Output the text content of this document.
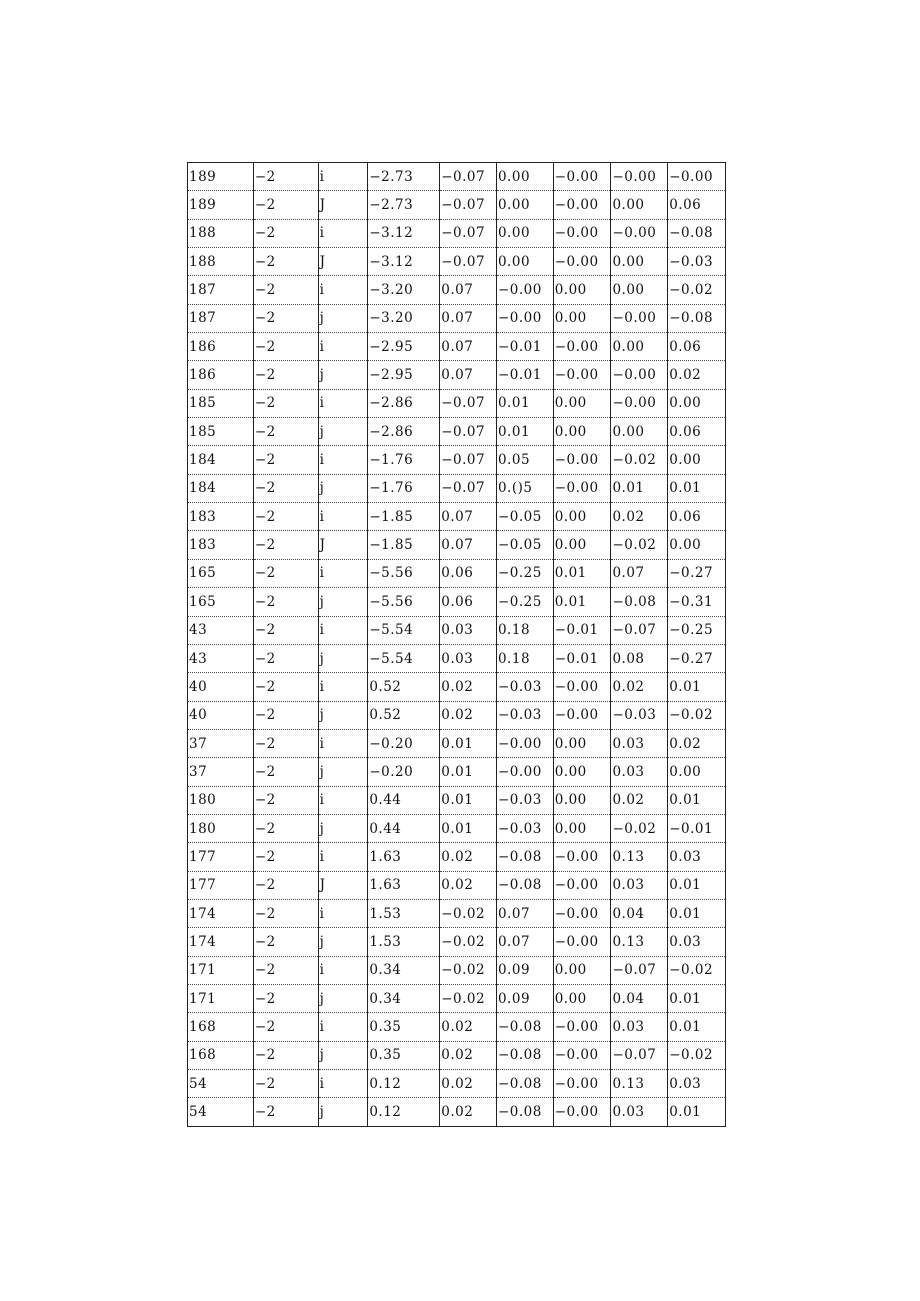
189	−2	i	−2.73	−0.07	0.00	−0.00	−0.00	−0.00
189	−2	J	−2.73	−0.07	0.00	−0.00	0.00	0.06
188	−2	i	−3.12	−0.07	0.00	−0.00	−0.00	−0.08
188	−2	J	−3.12	−0.07	0.00	−0.00	0.00	−0.03
187	−2	i	−3.20	0.07	−0.00	0.00	0.00	−0.02
187	−2	j	−3.20	0.07	−0.00	0.00	−0.00	−0.08
186	−2	i	−2.95	0.07	−0.01	−0.00	0.00	0.06
186	−2	j	−2.95	0.07	−0.01	−0.00	−0.00	0.02
185	−2	i	−2.86	−0.07	0.01	0.00	−0.00	0.00
185	−2	j	−2.86	−0.07	0.01	0.00	0.00	0.06
184	−2	i	−1.76	−0.07	0.05	−0.00	−0.02	0.00
184	−2	j	−1.76	−0.07	0.()5	−0.00	0.01	0.01
183	−2	i	−1.85	0.07	−0.05	0.00	0.02	0.06
183	−2	J	−1.85	0.07	−0.05	0.00	−0.02	0.00
165	−2	i	−5.56	0.06	−0.25	0.01	0.07	−0.27
165	−2	j	−5.56	0.06	−0.25	0.01	−0.08	−0.31
43	−2	i	−5.54	0.03	0.18	−0.01	−0.07	−0.25
43	−2	j	−5.54	0.03	0.18	−0.01	0.08	−0.27
40	−2	i	0.52	0.02	−0.03	−0.00	0.02	0.01
40	−2	j	0.52	0.02	−0.03	−0.00	−0.03	−0.02
37	−2	i	−0.20	0.01	−0.00	0.00	0.03	0.02
37	−2	j	−0.20	0.01	−0.00	0.00	0.03	0.00
180	−2	i	0.44	0.01	−0.03	0.00	0.02	0.01
180	−2	j	0.44	0.01	−0.03	0.00	−0.02	−0.01
177	−2	i	1.63	0.02	−0.08	−0.00	0.13	0.03
177	−2	J	1.63	0.02	−0.08	−0.00	0.03	0.01
174	−2	i	1.53	−0.02	0.07	−0.00	0.04	0.01
174	−2	j	1.53	−0.02	0.07	−0.00	0.13	0.03
171	−2	i	0.34	−0.02	0.09	0.00	−0.07	−0.02
171	−2	j	0.34	−0.02	0.09	0.00	0.04	0.01
168	−2	i	0.35	0.02	−0.08	−0.00	0.03	0.01
168	−2	j	0.35	0.02	−0.08	−0.00	−0.07	−0.02
54	−2	i	0.12	0.02	−0.08	−0.00	0.13	0.03
54	−2	j	0.12	0.02	−0.08	−0.00	0.03	0.01
